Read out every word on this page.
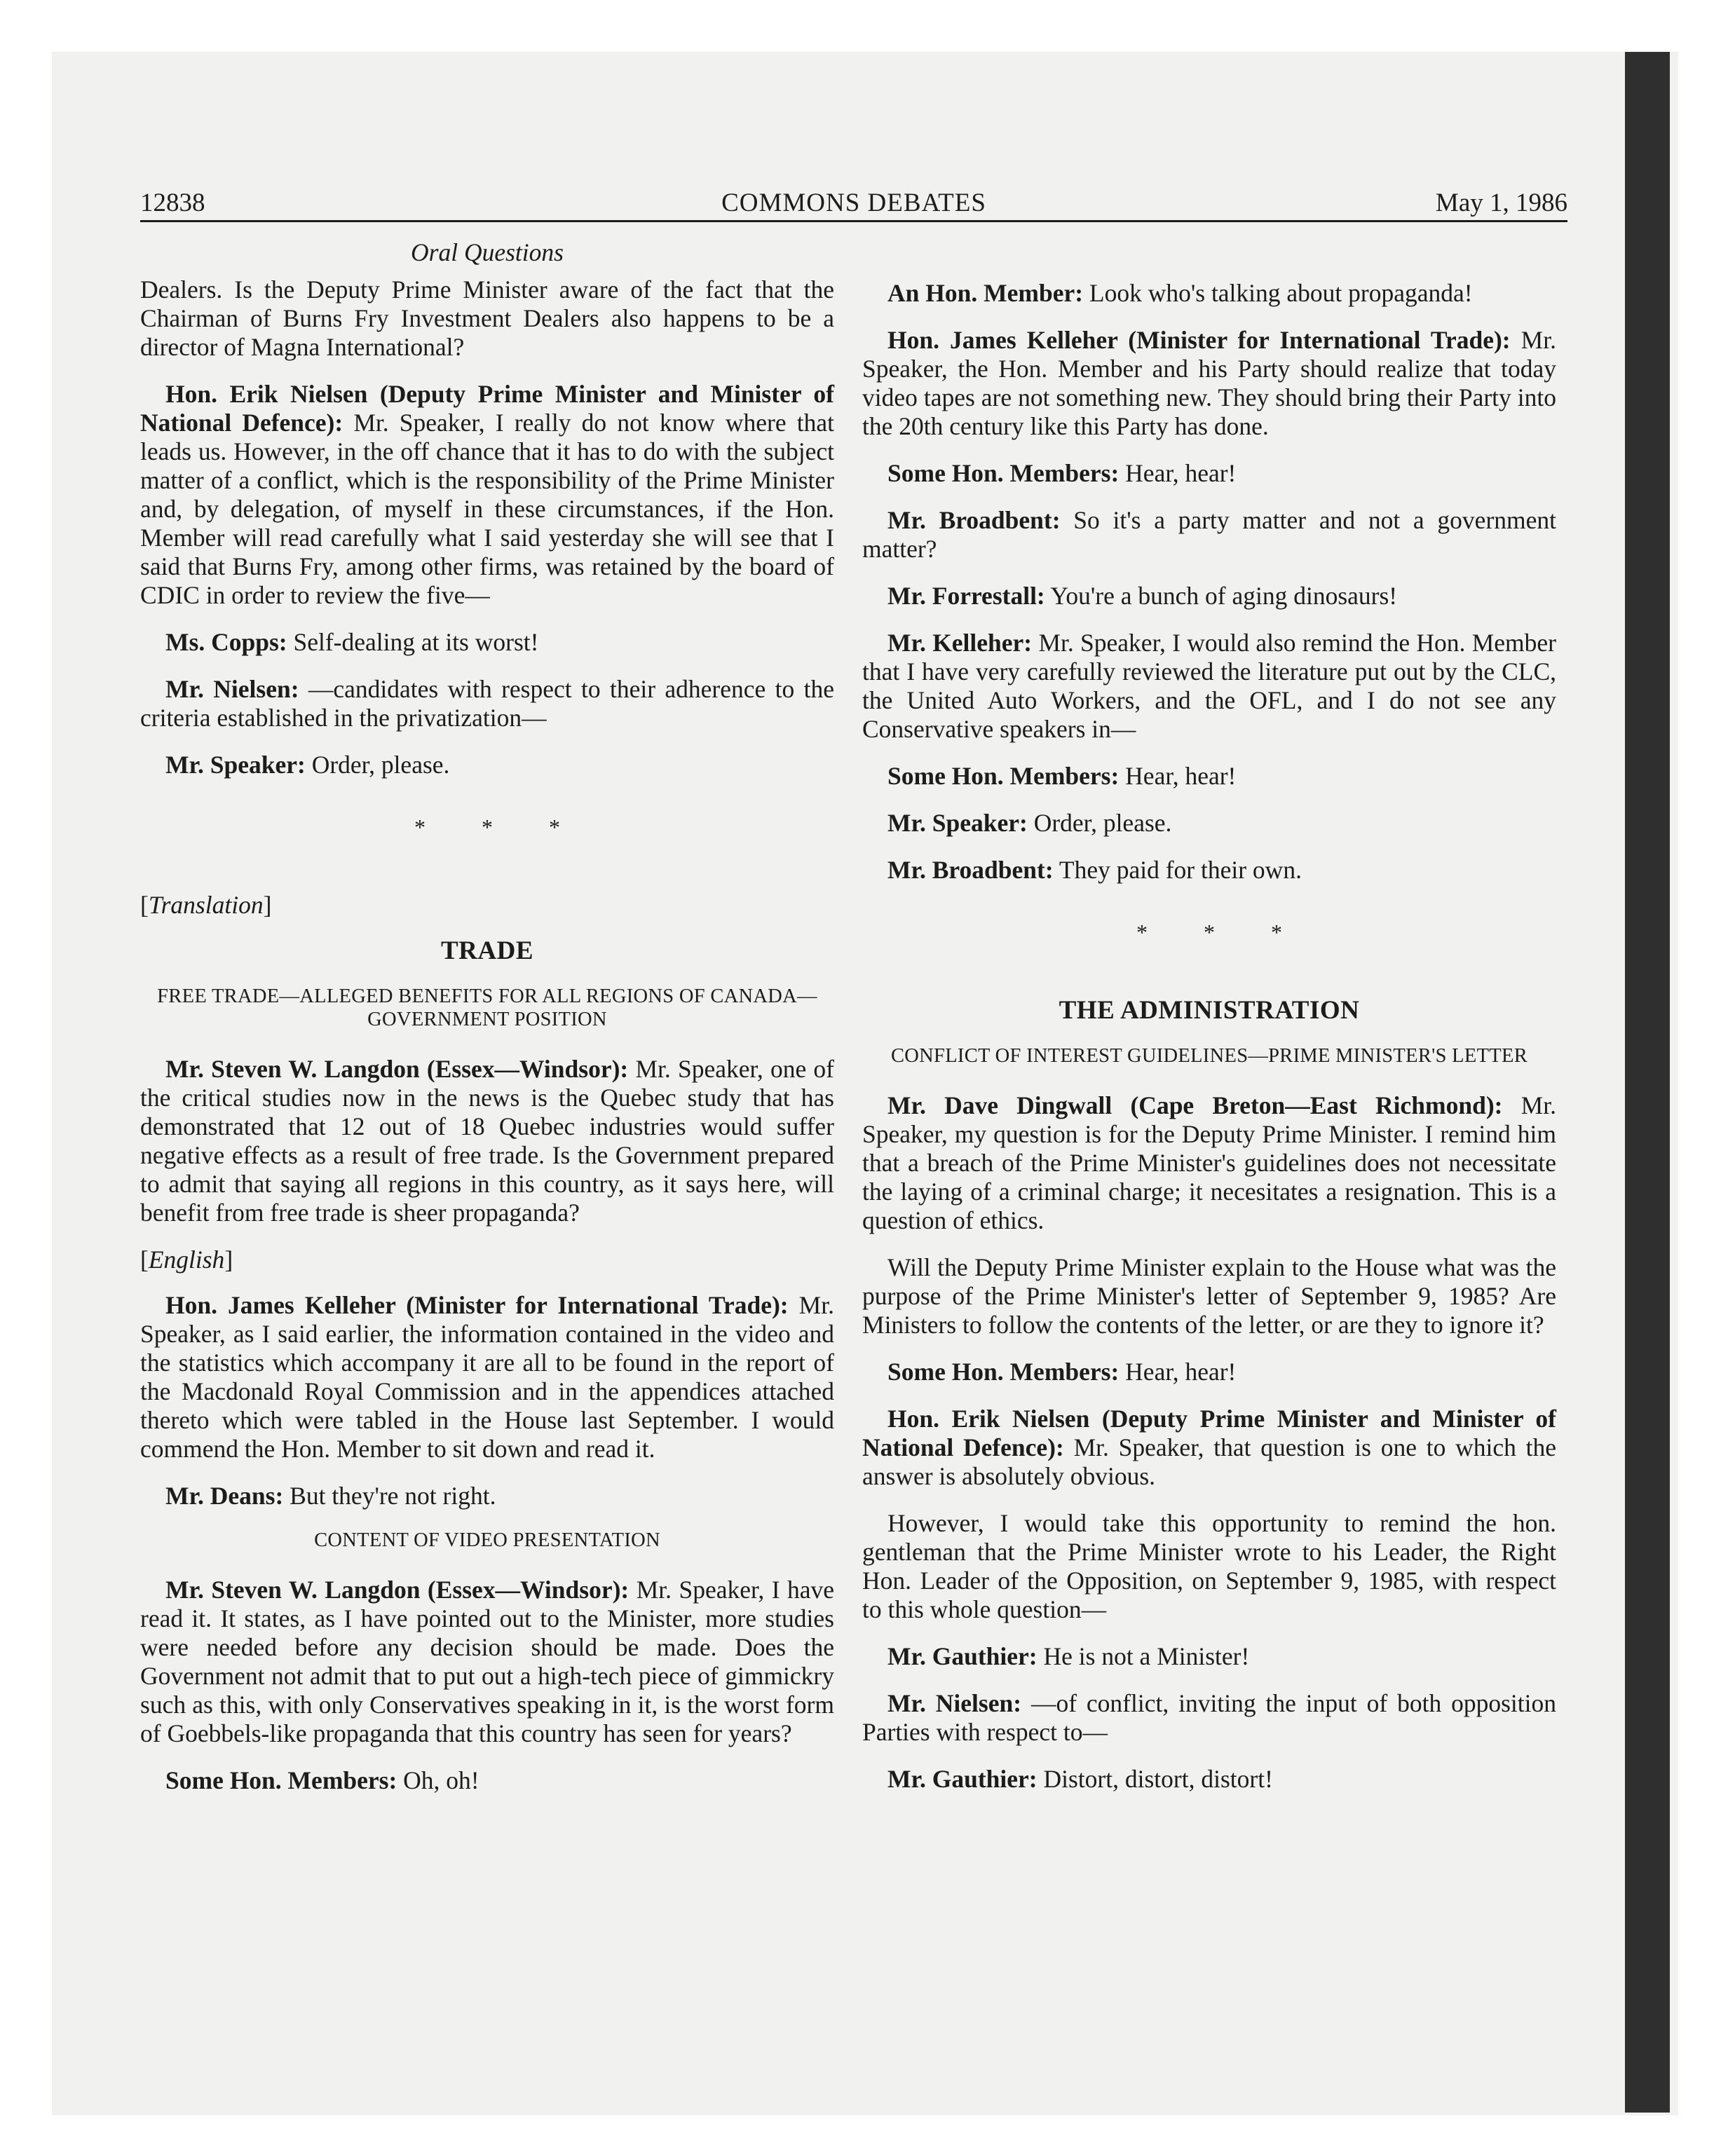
12838	COMMONS DEBATES	May 1, 1986
Oral Questions

Dealers. Is the Deputy Prime Minister aware of the fact that the Chairman of Burns Fry Investment Dealers also happens to be a director of Magna International?

Hon. Erik Nielsen (Deputy Prime Minister and Minister of National Defence): Mr. Speaker, I really do not know where that leads us. However, in the off chance that it has to do with the subject matter of a conflict, which is the responsibility of the Prime Minister and, by delegation, of myself in these circumstances, if the Hon. Member will read carefully what I said yesterday she will see that I said that Burns Fry, among other firms, was retained by the board of CDIC in order to review the five—

Ms. Copps: Self-dealing at its worst!

Mr. Nielsen: —candidates with respect to their adherence to the criteria established in the privatization—

Mr. Speaker: Order, please.

* * *
[Translation]
TRADE
FREE TRADE—ALLEGED BENEFITS FOR ALL REGIONS OF CANADA—GOVERNMENT POSITION

Mr. Steven W. Langdon (Essex—Windsor): Mr. Speaker, one of the critical studies now in the news is the Quebec study that has demonstrated that 12 out of 18 Quebec industries would suffer negative effects as a result of free trade. Is the Government prepared to admit that saying all regions in this country, as it says here, will benefit from free trade is sheer propaganda?

[English]

Hon. James Kelleher (Minister for International Trade): Mr. Speaker, as I said earlier, the information contained in the video and the statistics which accompany it are all to be found in the report of the Macdonald Royal Commission and in the appendices attached thereto which were tabled in the House last September. I would commend the Hon. Member to sit down and read it.

Mr. Deans: But they're not right.

CONTENT OF VIDEO PRESENTATION

Mr. Steven W. Langdon (Essex—Windsor): Mr. Speaker, I have read it. It states, as I have pointed out to the Minister, more studies were needed before any decision should be made. Does the Government not admit that to put out a high-tech piece of gimmickry such as this, with only Conservatives speaking in it, is the worst form of Goebbels-like propaganda that this country has seen for years?

Some Hon. Members: Oh, oh!

An Hon. Member: Look who's talking about propaganda!

Hon. James Kelleher (Minister for International Trade): Mr. Speaker, the Hon. Member and his Party should realize that today video tapes are not something new. They should bring their Party into the 20th century like this Party has done.

Some Hon. Members: Hear, hear!

Mr. Broadbent: So it's a party matter and not a government matter?

Mr. Forrestall: You're a bunch of aging dinosaurs!

Mr. Kelleher: Mr. Speaker, I would also remind the Hon. Member that I have very carefully reviewed the literature put out by the CLC, the United Auto Workers, and the OFL, and I do not see any Conservative speakers in—

Some Hon. Members: Hear, hear!

Mr. Speaker: Order, please.

Mr. Broadbent: They paid for their own.

* * *
THE ADMINISTRATION
CONFLICT OF INTEREST GUIDELINES—PRIME MINISTER'S LETTER

Mr. Dave Dingwall (Cape Breton—East Richmond): Mr. Speaker, my question is for the Deputy Prime Minister. I remind him that a breach of the Prime Minister's guidelines does not necessitate the laying of a criminal charge; it necesitates a resignation. This is a question of ethics.

Will the Deputy Prime Minister explain to the House what was the purpose of the Prime Minister's letter of September 9, 1985? Are Ministers to follow the contents of the letter, or are they to ignore it?

Some Hon. Members: Hear, hear!

Hon. Erik Nielsen (Deputy Prime Minister and Minister of National Defence): Mr. Speaker, that question is one to which the answer is absolutely obvious.

However, I would take this opportunity to remind the hon. gentleman that the Prime Minister wrote to his Leader, the Right Hon. Leader of the Opposition, on September 9, 1985, with respect to this whole question—

Mr. Gauthier: He is not a Minister!

Mr. Nielsen: —of conflict, inviting the input of both opposition Parties with respect to—

Mr. Gauthier: Distort, distort, distort!
